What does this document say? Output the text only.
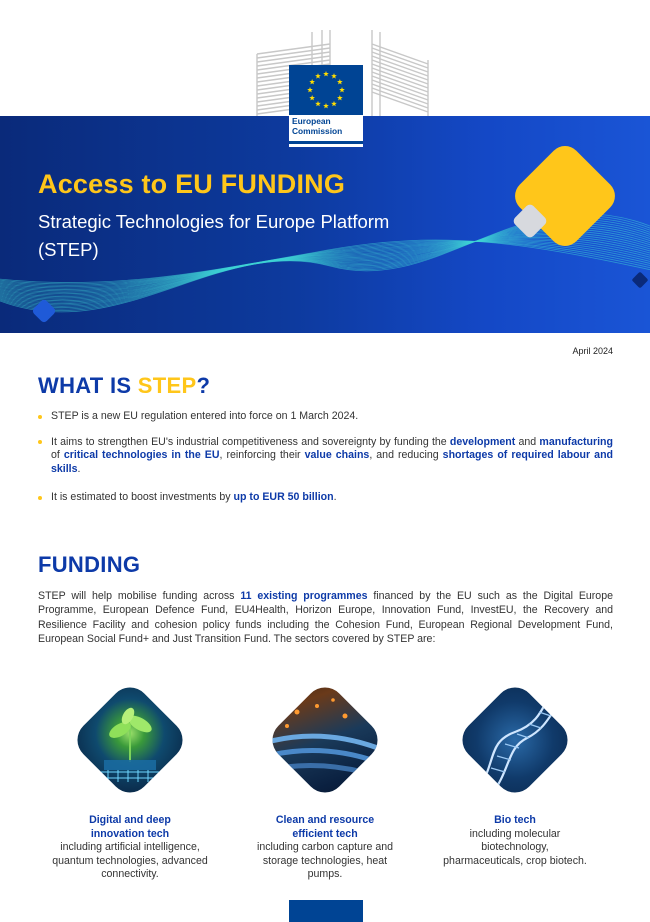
European
Commission
Access to EU FUNDING
Strategic Technologies for Europe Platform
(STEP)
April 2024
WHAT IS STEP?
STEP is a new EU regulation entered into force on 1 March 2024.
It aims to strengthen EU's industrial competitiveness and sovereignty by funding the development and manufacturing of critical technologies in the EU, reinforcing their value chains, and reducing shortages of required labour and skills.
It is estimated to boost investments by up to EUR 50 billion.
FUNDING

STEP will help mobilise funding across 11 existing programmes financed by the EU such as the Digital Europe Programme, European Defence Fund, EU4Health, Horizon Europe, Innovation Fund, InvestEU, the Recovery and Resilience Facility and cohesion policy funds including the Cohesion Fund, European Regional Development Fund, European Social Fund+ and Just Transition Fund. The sectors covered by STEP are:

Digital and deep
innovation tech
including artificial intelligence,
quantum technologies, advanced
connectivity.
Clean and resource
efficient tech
including carbon capture and
storage technologies, heat
pumps.
Bio tech
including molecular
biotechnology,
pharmaceuticals, crop biotech.
